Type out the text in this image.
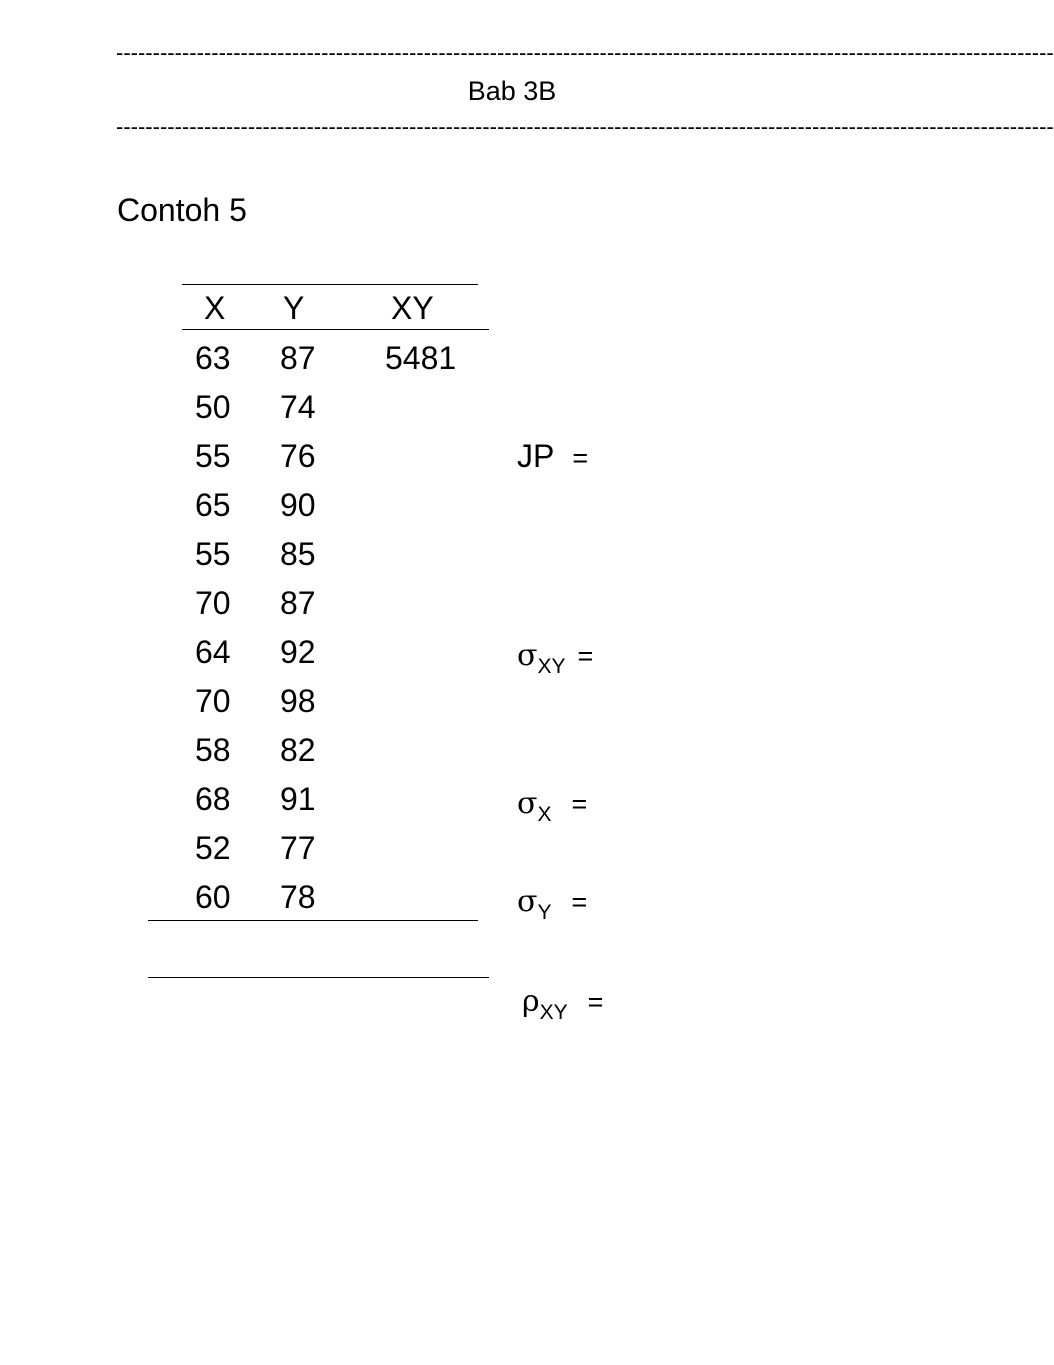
--------------------------------------------------------------------------------------------------------------------------------
Bab 3B
--------------------------------------------------------------------------------------------------------------------------------
Contoh 5
X Y	XY
63 87 5481
50 74
55 76
65 90
55 85
70 87
64 92
70 98
58 82
68 91
52 77
60 78
JP =
$\sigma_{XY}$ =
$\sigma_X$ =
$\sigma_Y$ =
$\rho_{XY}$ =
